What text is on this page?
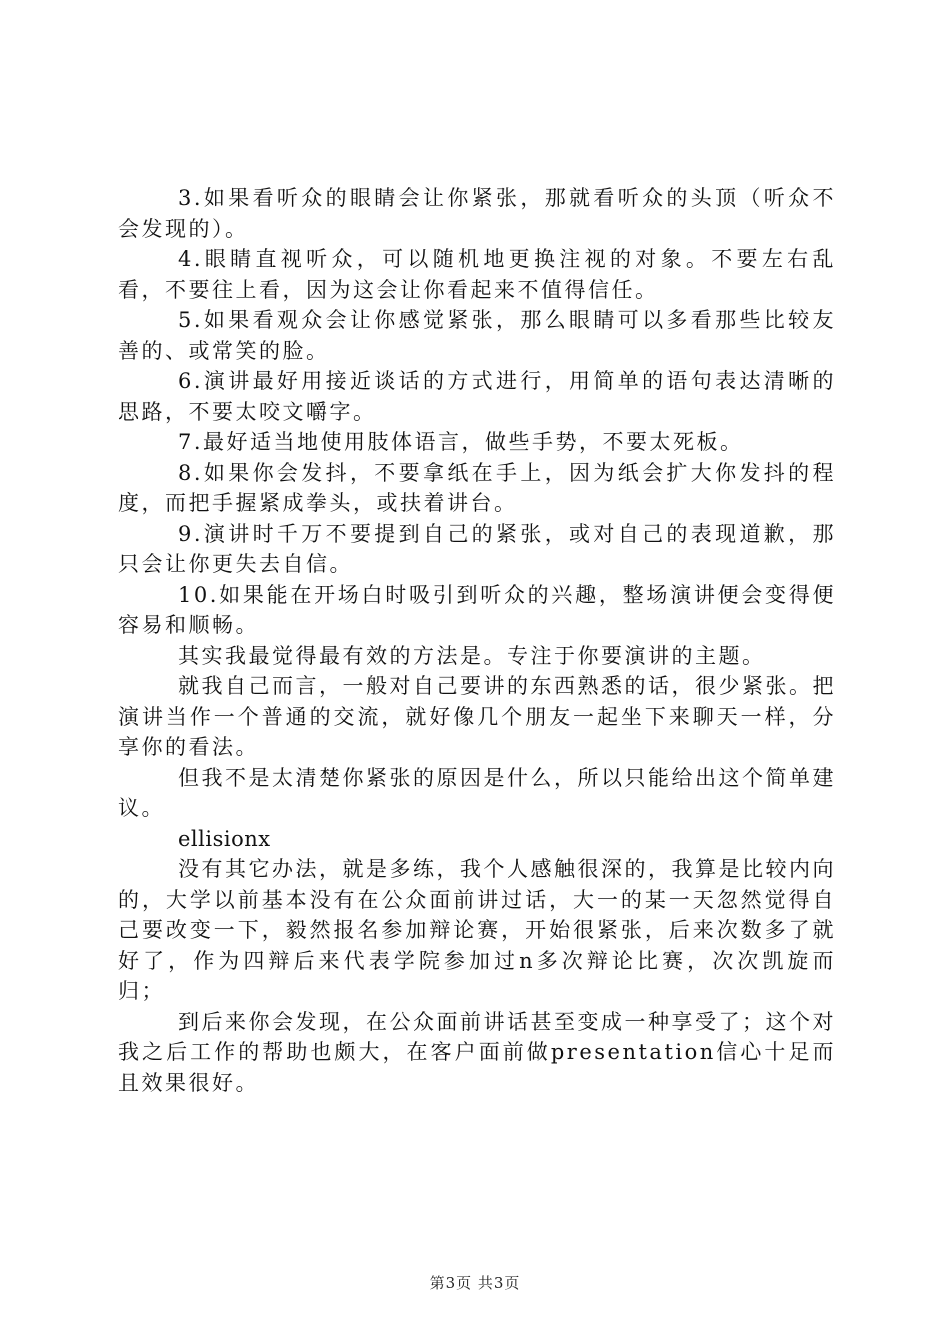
3.如果看听众的眼睛会让你紧张，那就看听众的头顶（听众不会发现的）。

4.眼睛直视听众，可以随机地更换注视的对象。不要左右乱看，不要往上看，因为这会让你看起来不值得信任。

5.如果看观众会让你感觉紧张，那么眼睛可以多看那些比较友善的、或常笑的脸。

6.演讲最好用接近谈话的方式进行，用简单的语句表达清晰的思路，不要太咬文嚼字。

7.最好适当地使用肢体语言，做些手势，不要太死板。

8.如果你会发抖，不要拿纸在手上，因为纸会扩大你发抖的程度，而把手握紧成拳头，或扶着讲台。

9.演讲时千万不要提到自己的紧张，或对自己的表现道歉，那只会让你更失去自信。

10.如果能在开场白时吸引到听众的兴趣，整场演讲便会变得便容易和顺畅。

其实我最觉得最有效的方法是。专注于你要演讲的主题。

就我自己而言，一般对自己要讲的东西熟悉的话，很少紧张。把演讲当作一个普通的交流，就好像几个朋友一起坐下来聊天一样，分享你的看法。

但我不是太清楚你紧张的原因是什么，所以只能给出这个简单建议。

ellisionx

没有其它办法，就是多练，我个人感触很深的，我算是比较内向的，大学以前基本没有在公众面前讲过话，大一的某一天忽然觉得自己要改变一下，毅然报名参加辩论赛，开始很紧张，后来次数多了就好了，作为四辩后来代表学院参加过n多次辩论比赛，次次凯旋而归；

到后来你会发现，在公众面前讲话甚至变成一种享受了；这个对我之后工作的帮助也颇大，在客户面前做presentation信心十足而且效果很好。

第3页 共3页
